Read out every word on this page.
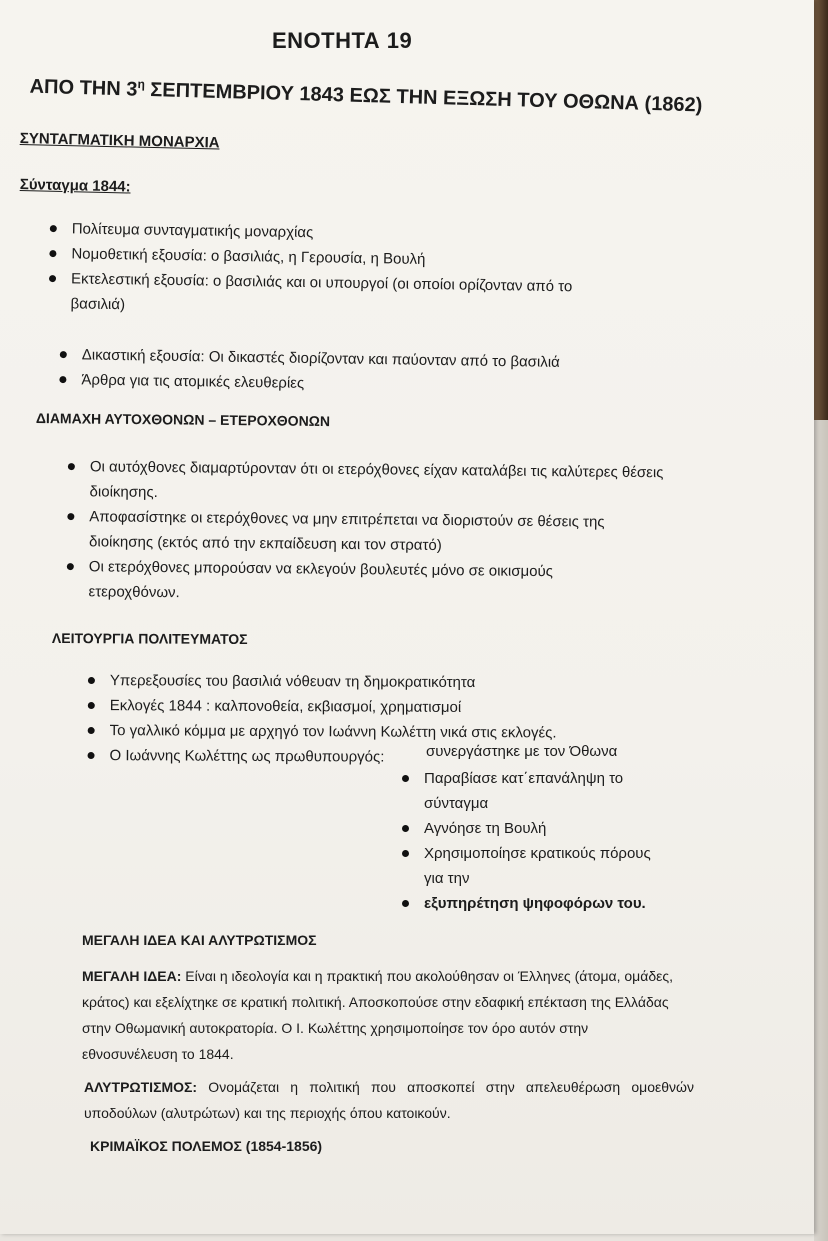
ΕΝΟΤΗΤΑ 19
ΑΠΟ ΤΗΝ $3^\eta$ ΣΕΠΤΕΜΒΡΙΟΥ 1843 ΕΩΣ ΤΗΝ ΕΞΩΣΗ ΤΟΥ ΟΘΩΝΑ (1862)
ΣΥΝΤΑΓΜΑΤΙΚΗ ΜΟΝΑΡΧΙΑ
Σύνταγμα 1844:
Πολίτευμα συνταγματικής μοναρχίας
Νομοθετική εξουσία: ο βασιλιάς, η Γερουσία, η Βουλή
Εκτελεστική εξουσία: ο βασιλιάς και οι υπουργοί (οι οποίοι ορίζονταν από το βασιλιά)
Δικαστική εξουσία: Οι δικαστές διορίζονταν και παύονταν από το βασιλιά
Άρθρα για τις ατομικές ελευθερίες
ΔΙΑΜΑΧΗ ΑΥΤΟΧΘΟΝΩΝ – ΕΤΕΡΟΧΘΟΝΩΝ
Οι αυτόχθονες διαμαρτύρονταν ότι οι ετερόχθονες είχαν καταλάβει τις καλύτερες θέσεις διοίκησης.
Αποφασίστηκε οι ετερόχθονες να μην επιτρέπεται να διοριστούν σε θέσεις της διοίκησης (εκτός από την εκπαίδευση και τον στρατό)
Οι ετερόχθονες μπορούσαν να εκλεγούν βουλευτές μόνο σε οικισμούς ετεροχθόνων.
ΛΕΙΤΟΥΡΓΙΑ ΠΟΛΙΤΕΥΜΑΤΟΣ
Υπερεξουσίες του βασιλιά νόθευαν τη δημοκρατικότητα
Εκλογές 1844 : καλπονοθεία, εκβιασμοί, χρηματισμοί
Το γαλλικό κόμμα με αρχηγό τον Ιωάννη Κωλέττη νικά στις εκλογές.
Ο Ιωάννης Κωλέττης ως πρωθυπουργός:	συνεργάστηκε με τον Όθωνα
Παραβίασε κατ΄επανάληψη το σύνταγμα
Αγνόησε τη Βουλή
Χρησιμοποίησε κρατικούς πόρους για την
εξυπηρέτηση ψηφοφόρων του.
ΜΕΓΑΛΗ ΙΔΕΑ ΚΑΙ ΑΛΥΤΡΩΤΙΣΜΟΣ

ΜΕΓΑΛΗ ΙΔΕΑ: Είναι η ιδεολογία και η πρακτική που ακολούθησαν οι Έλληνες (άτομα, ομάδες, κράτος) και εξελίχτηκε σε κρατική πολιτική. Αποσκοπούσε στην εδαφική επέκταση της Ελλάδας στην Οθωμανική αυτοκρατορία. Ο Ι. Κωλέττης χρησιμοποίησε τον όρο αυτόν στην εθνοσυνέλευση το 1844.

ΑΛΥΤΡΩΤΙΣΜΟΣ: Ονομάζεται η πολιτική που αποσκοπεί στην απελευθέρωση ομοεθνών υποδούλων (αλυτρώτων) και της περιοχής όπου κατοικούν.

ΚΡΙΜΑΪΚΟΣ ΠΟΛΕΜΟΣ (1854-1856)
